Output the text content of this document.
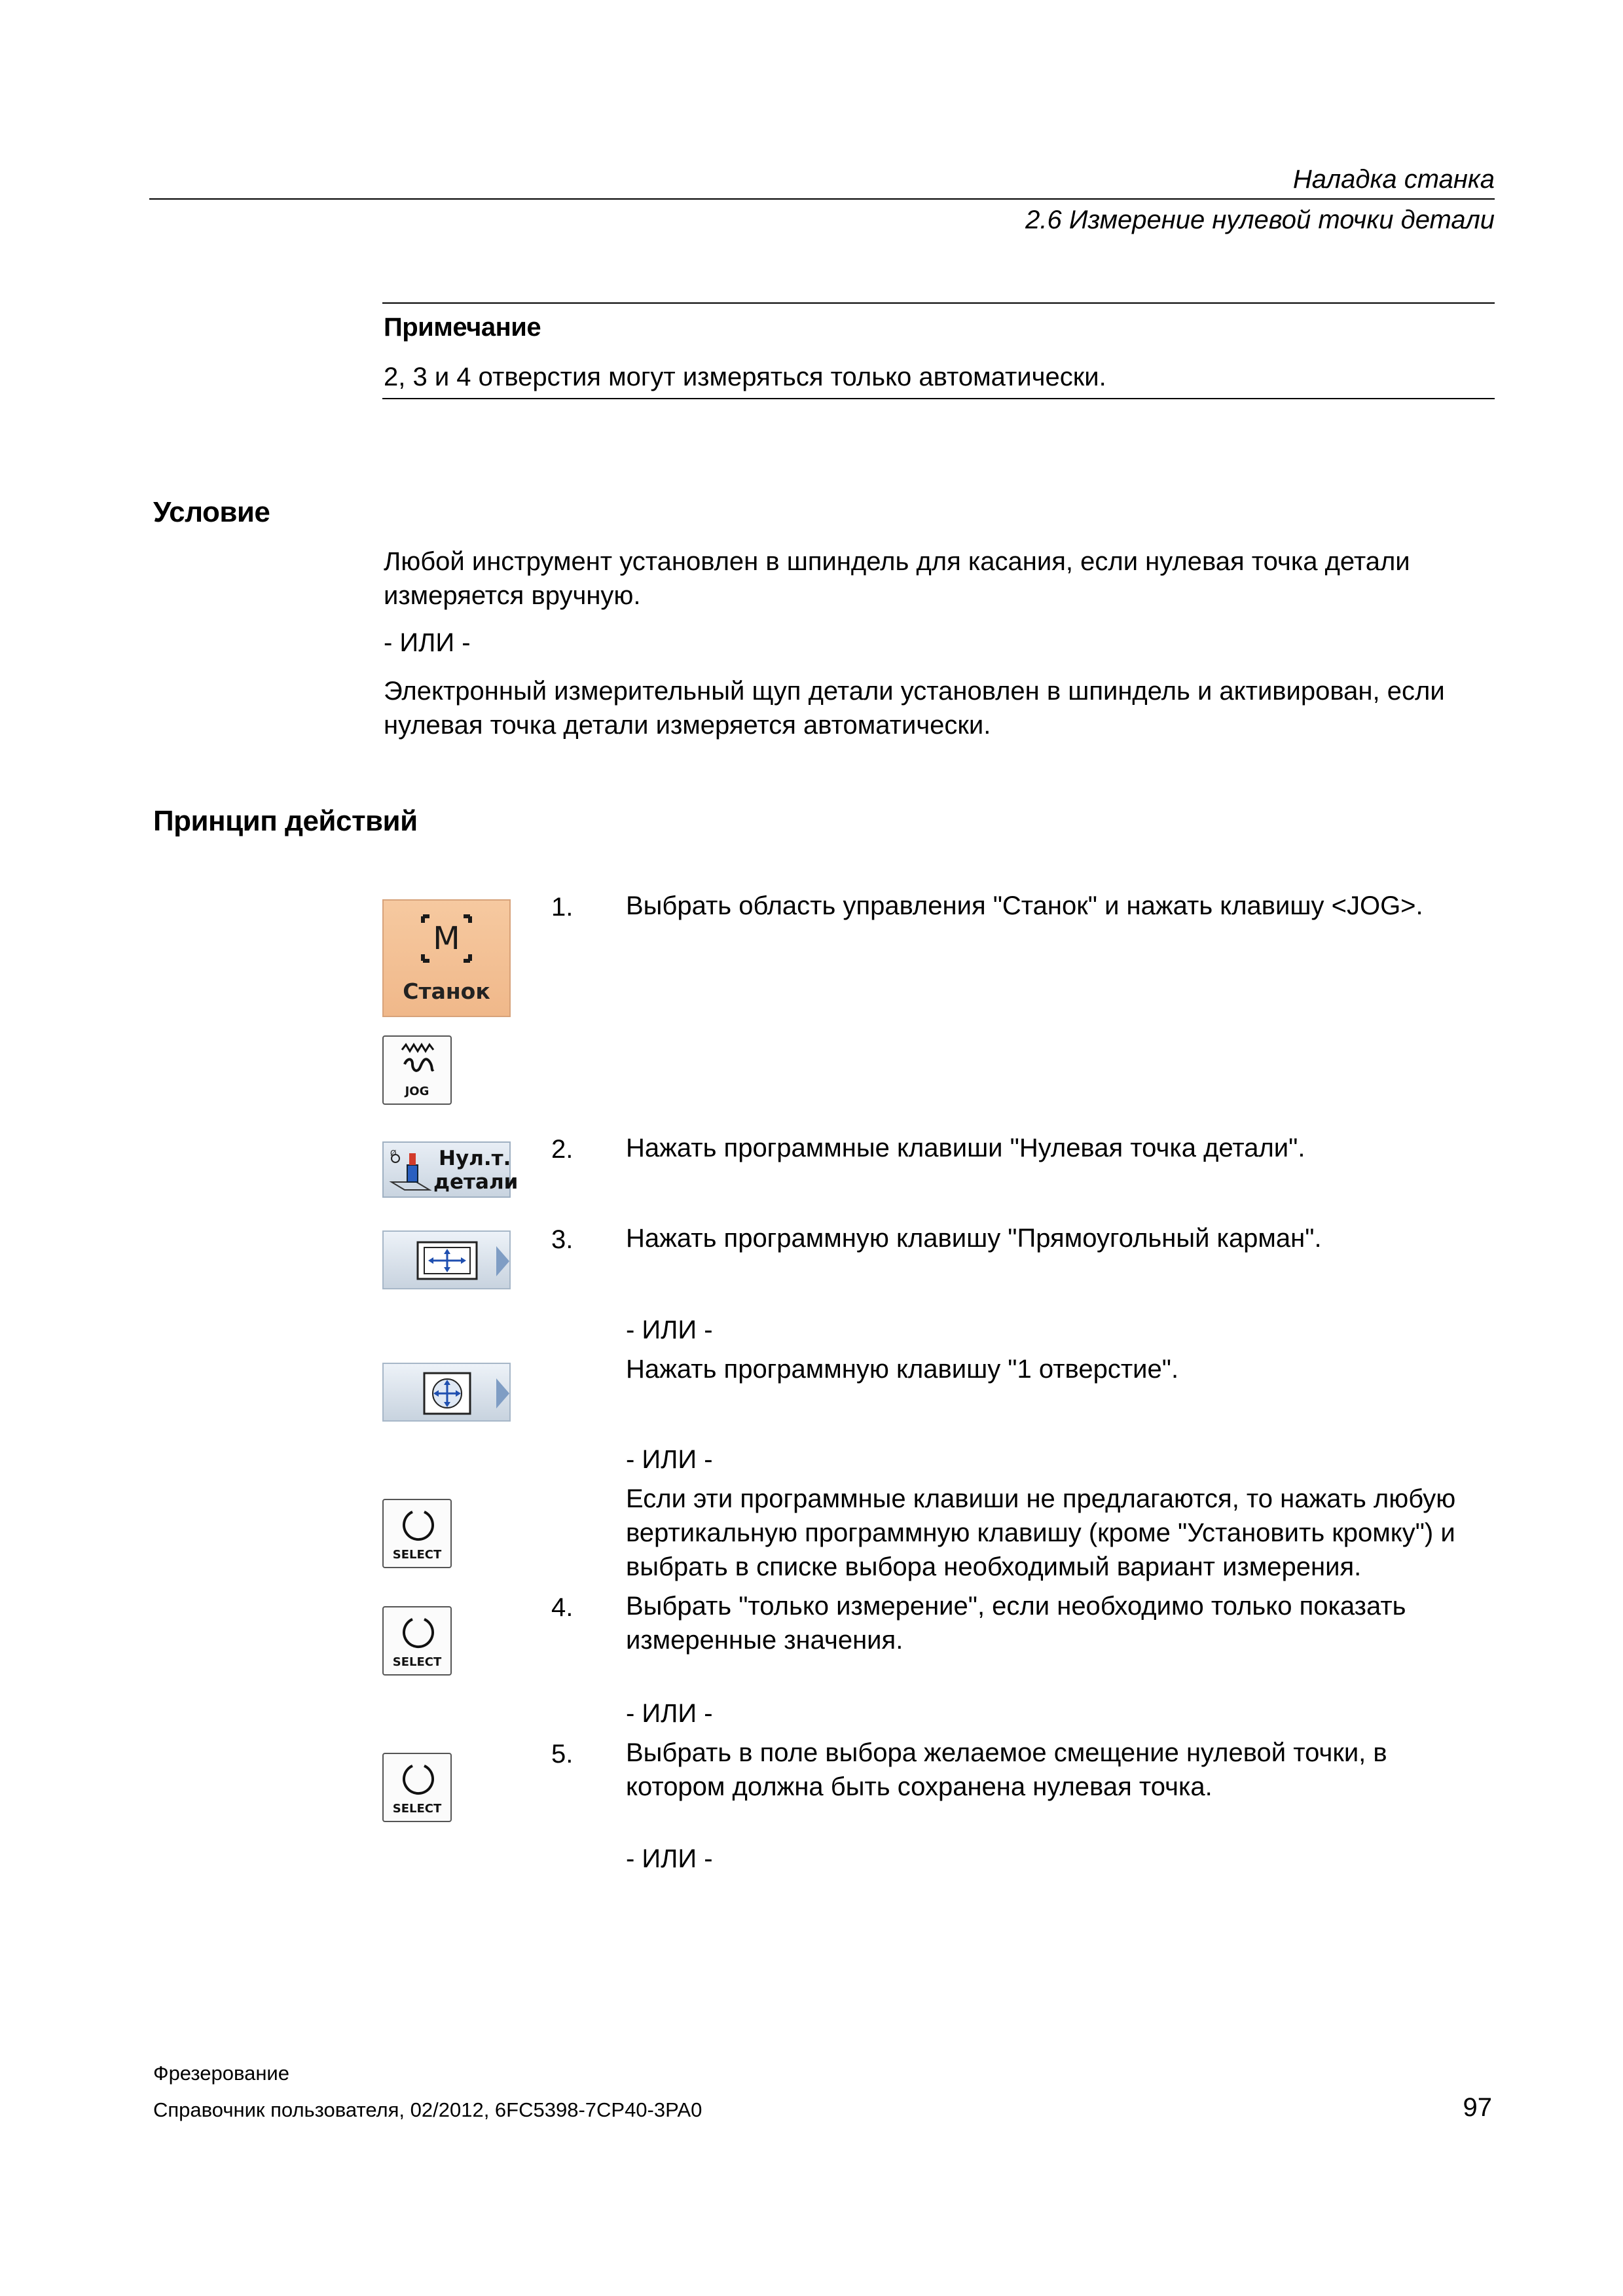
Наладка станка
2.6 Измерение нулевой точки детали
Примечание
2, 3 и 4 отверстия могут измеряться только автоматически.
Условие
Любой инструмент установлен в шпиндель для касания, если нулевая точка детали
измеряется вручную.
- ИЛИ -
Электронный измерительный щуп детали установлен в шпиндель и активирован, если
нулевая точка детали измеряется автоматически.
Принцип действий
M
Станок
JOG
Ø Нул.т.
детали
SELECT
SELECT
SELECT
1. Выбрать область управления "Станок" и нажать клавишу <JOG>.
2. Нажать программные клавиши "Нулевая точка детали".
3. Нажать программную клавишу "Прямоугольный карман".
- ИЛИ -
Нажать программную клавишу "1 отверстие".
- ИЛИ -
Если эти программные клавиши не предлагаются, то нажать любую
вертикальную программную клавишу (кроме "Установить кромку") и
выбрать в списке выбора необходимый вариант измерения.
4. Выбрать "только измерение", если необходимо только показать
измеренные значения.
- ИЛИ -
5. Выбрать в поле выбора желаемое смещение нулевой точки, в
котором должна быть сохранена нулевая точка.
- ИЛИ -
Фрезерование
Справочник пользователя, 02/2012, 6FC5398-7CP40-3PA0	97
